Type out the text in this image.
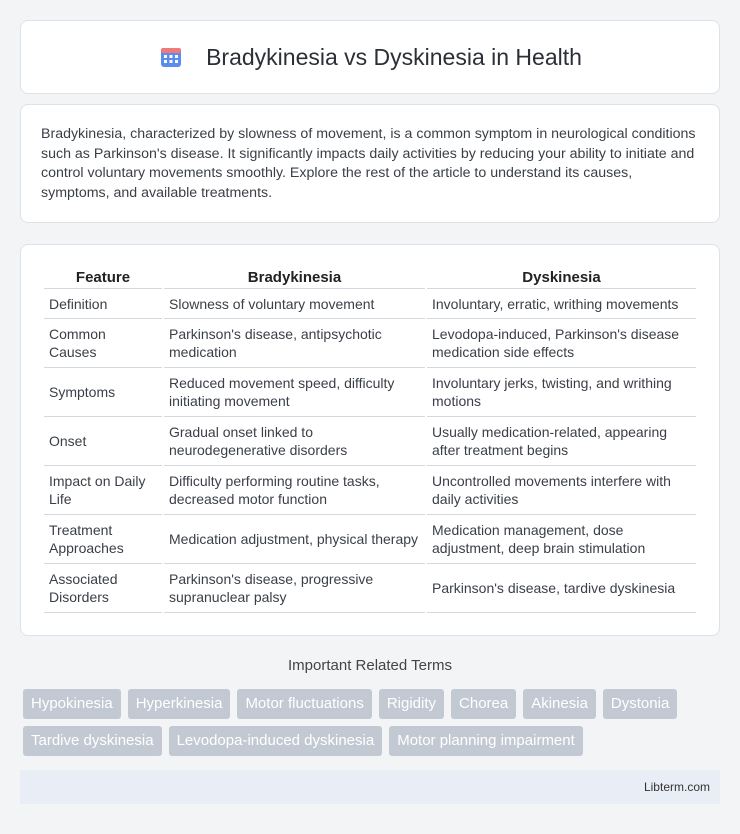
Bradykinesia vs Dyskinesia in Health

Bradykinesia, characterized by slowness of movement, is a common symptom in neurological conditions such as Parkinson's disease. It significantly impacts daily activities by reducing your ability to initiate and control voluntary movements smoothly. Explore the rest of the article to understand its causes, symptoms, and available treatments.

Feature	Bradykinesia	Dyskinesia
Definition	Slowness of voluntary movement	Involuntary, erratic, writhing movements
Common Causes	Parkinson's disease, antipsychotic medication	Levodopa-induced, Parkinson's disease medication side effects
Symptoms	Reduced movement speed, difficulty initiating movement	Involuntary jerks, twisting, and writhing motions
Onset	Gradual onset linked to neurodegenerative disorders	Usually medication-related, appearing after treatment begins
Impact on Daily Life	Difficulty performing routine tasks, decreased motor function	Uncontrolled movements interfere with daily activities
Treatment Approaches	Medication adjustment, physical therapy	Medication management, dose adjustment, deep brain stimulation
Associated Disorders	Parkinson's disease, progressive supranuclear palsy	Parkinson's disease, tardive dyskinesia
Important Related Terms
Hypokinesia	Hyperkinesia	Motor fluctuations	Rigidity	Chorea	Akinesia	Dystonia
Tardive dyskinesia	Levodopa-induced dyskinesia	Motor planning impairment
Libterm.com
